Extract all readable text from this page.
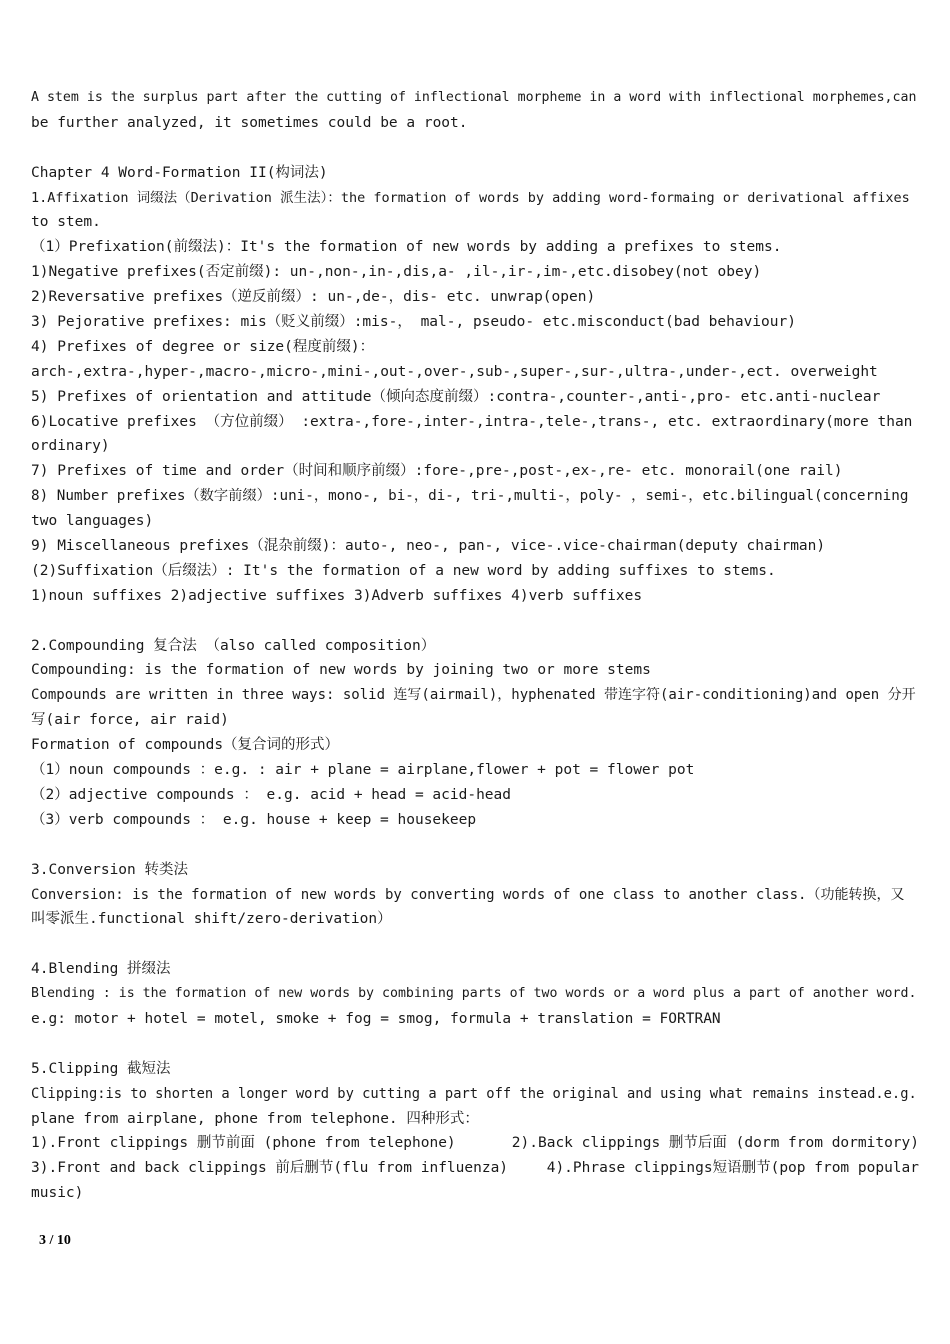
A stem is the surplus part after the cutting of inflectional morpheme in a word with inflectional morphemes,can
be further analyzed, it sometimes could be a root.
Chapter 4 Word-Formation II(构词法)
1.Affixation 词缀法（Derivation 派生法）：the formation of words by adding word-formaing or derivational affixes
to stem.
（1）Prefixation(前缀法)：It's the formation of new words by adding a prefixes to stems.
1)Negative prefixes(否定前缀): un-,non-,in-,dis,a- ,il-,ir-,im-,etc.disobey(not obey)
2)Reversative prefixes（逆反前缀）: un-,de-，dis- etc. unwrap(open)
3) Pejorative prefixes: mis（贬义前缀）:mis-， mal-, pseudo- etc.misconduct(bad behaviour)
4) Prefixes of degree or size(程度前缀)：
arch-,extra-,hyper-,macro-,micro-,mini-,out-,over-,sub-,super-,sur-,ultra-,under-,ect. overweight
5) Prefixes of orientation and attitude（倾向态度前缀）:contra-,counter-,anti-,pro- etc.anti-nuclear
6)Locative prefixes （方位前缀） :extra-,fore-,inter-,intra-,tele-,trans-, etc. extraordinary(more than
ordinary)
7) Prefixes of time and order（时间和顺序前缀）:fore-,pre-,post-,ex-,re- etc. monorail(one rail)
8) Number prefixes（数字前缀）:uni-，mono-, bi-，di-, tri-,multi-，poly- ，semi-，etc.bilingual(concerning
two languages)
9) Miscellaneous prefixes（混杂前缀)：auto-, neo-, pan-, vice-.vice-chairman(deputy chairman)
(2)Suffixation（后缀法）: It's the formation of a new word by adding suffixes to stems.
1)noun suffixes 2)adjective suffixes 3)Adverb suffixes 4)verb suffixes
2.Compounding 复合法 （also called composition）
Compounding: is the formation of new words by joining two or more stems
Compounds are written in three ways: solid 连写(airmail)，hyphenated 带连字符(air-conditioning)and open 分开
写(air force, air raid)
Formation of compounds（复合词的形式）
（1）noun compounds ：e.g. : air + plane = airplane,flower + pot = flower pot
（2）adjective compounds ： e.g. acid + head = acid-head
（3）verb compounds ： e.g. house + keep = housekeep
3.Conversion 转类法
Conversion: is the formation of new words by converting words of one class to another class.（功能转换，又
叫零派生.functional shift/zero-derivation）
4.Blending 拼缀法
Blending : is the formation of new words by combining parts of two words or a word plus a part of another word.
e.g: motor + hotel = motel, smoke + fog = smog, formula + translation = FORTRAN
5.Clipping 截短法
Clipping:is to shorten a longer word by cutting a part off the original and using what remains instead.e.g.
plane from airplane, phone from telephone. 四种形式：
1).Front clippings 删节前面 (phone from telephone)	2).Back clippings 删节后面 (dorm from dormitory)
3).Front and back clippings 前后删节(flu from influenza)	4).Phrase clippings短语删节(pop from popular
music)
3 / 10
